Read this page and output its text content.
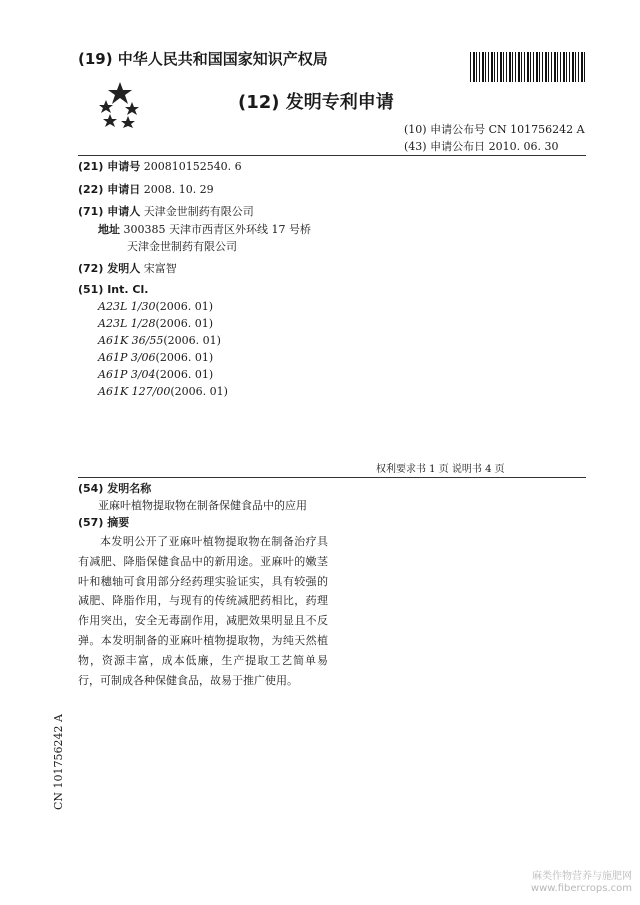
(19) 中华人民共和国国家知识产权局
(12) 发明专利申请
(10) 申请公布号 CN 101756242 A
(43) 申请公布日 2010. 06. 30
(21) 申请号 200810152540. 6
(22) 申请日 2008. 10. 29
(71) 申请人 天津金世制药有限公司
地址 300385 天津市西青区外环线 17 号桥
天津金世制药有限公司
(72) 发明人 宋富智
(51) Int. Cl.
A23L 1/30(2006. 01)
A23L 1/28(2006. 01)
A61K 36/55(2006. 01)
A61P 3/06(2006. 01)
A61P 3/04(2006. 01)
A61K 127/00(2006. 01)
权利要求书 1 页 说明书 4 页
(54) 发明名称
亚麻叶植物提取物在制备保健食品中的应用
(57) 摘要
本发明公开了亚麻叶植物提取物在制备治疗具有减肥、降脂保健食品中的新用途。亚麻叶的嫩茎叶和穗轴可食用部分经药理实验证实，具有较强的减肥、降脂作用，与现有的传统减肥药相比，药理作用突出，安全无毒副作用，减肥效果明显且不反弹。本发明制备的亚麻叶植物提取物，为纯天然植物，资源丰富，成本低廉，生产提取工艺简单易行，可制成各种保健食品，故易于推广使用。
CN 101756242 A
麻类作物营养与施肥网
www.fibercrops.com
